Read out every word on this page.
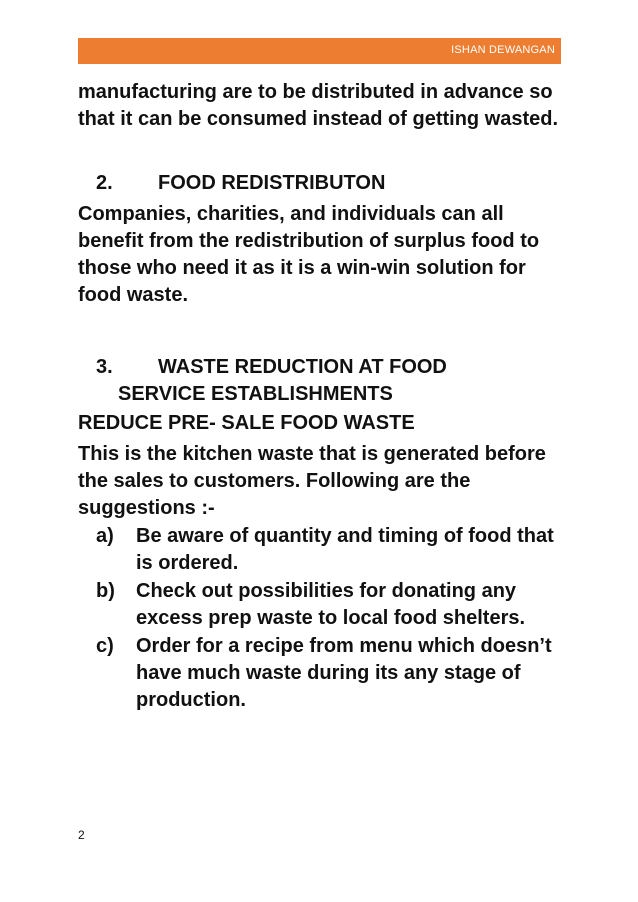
ISHAN DEWANGAN

manufacturing are to be distributed in advance so that it can be consumed instead of getting wasted.

2.	FOOD REDISTRIBUTON

Companies, charities, and individuals can all benefit from the redistribution of surplus food to those who need it as it is a win-win solution for food waste.

3. WASTE REDUCTION AT FOOD
SERVICE ESTABLISHMENTS

REDUCE PRE- SALE FOOD WASTE

This is the kitchen waste that is generated before the sales to customers. Following are the suggestions :-

a)	Be aware of quantity and timing of food that is ordered.
b)	Check out possibilities for donating any excess prep waste to local food shelters.
c)	Order for a recipe from menu which doesn’t have much waste during its any stage of production.
2
